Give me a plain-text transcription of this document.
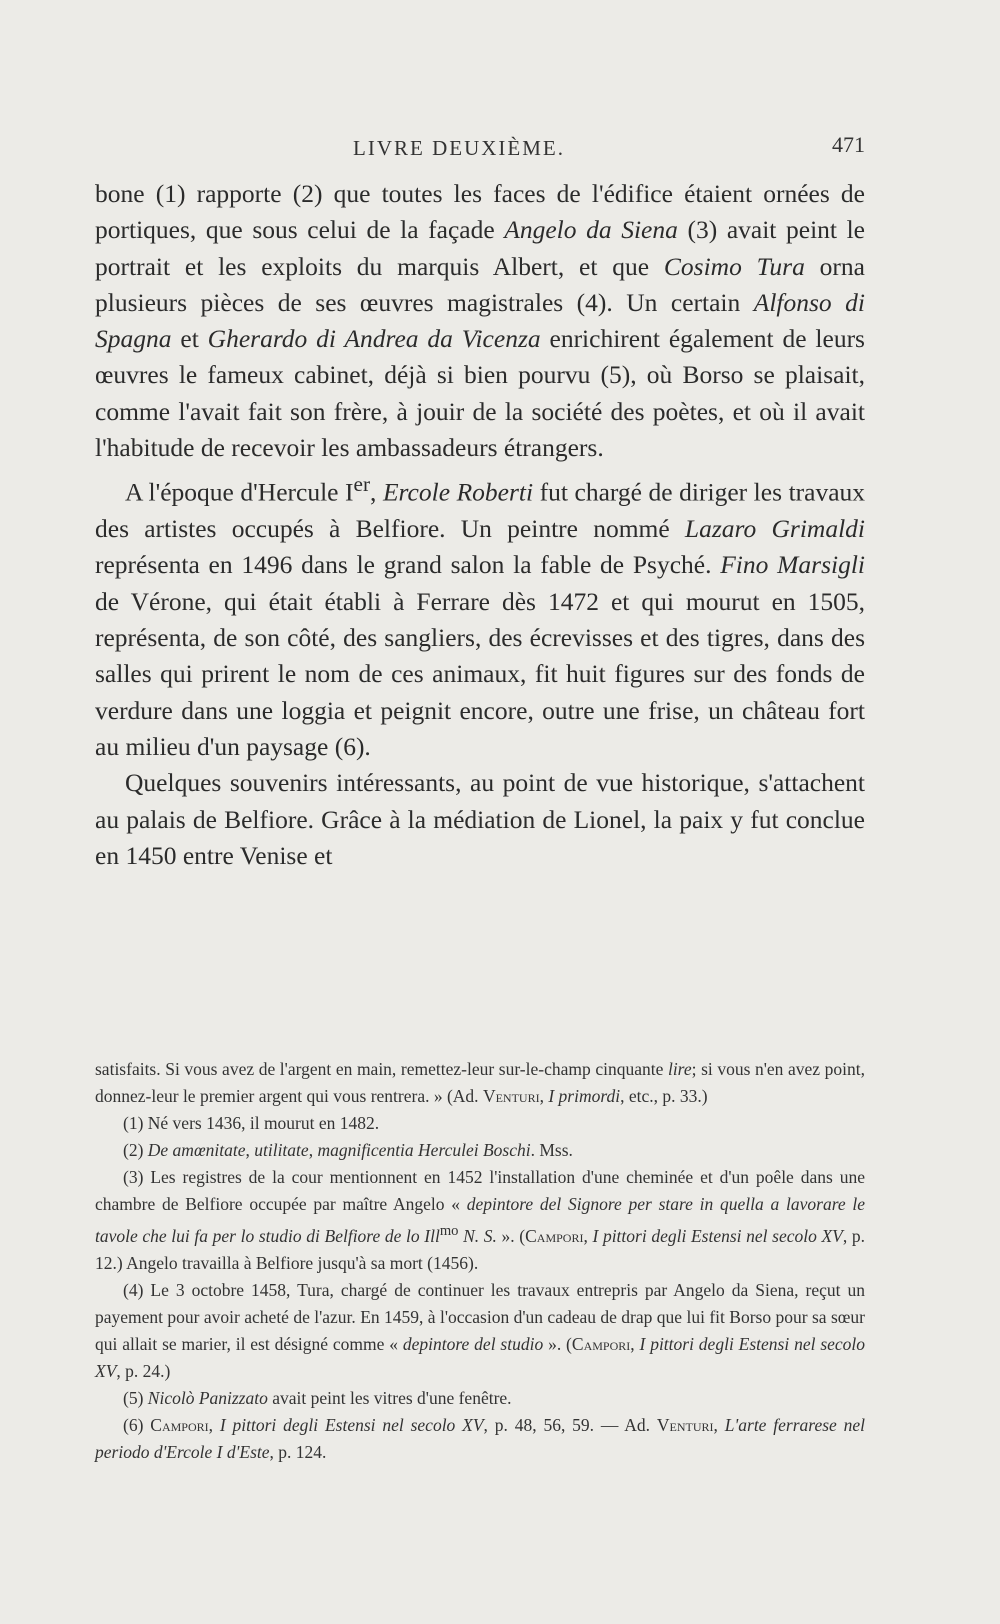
LIVRE DEUXIÈME.	471

bone (1) rapporte (2) que toutes les faces de l'édifice étaient ornées de portiques, que sous celui de la façade Angelo da Siena (3) avait peint le portrait et les exploits du marquis Albert, et que Cosimo Tura orna plusieurs pièces de ses œuvres magistrales (4). Un certain Alfonso di Spagna et Gherardo di Andrea da Vicenza enrichirent également de leurs œuvres le fameux cabinet, déjà si bien pourvu (5), où Borso se plaisait, comme l'avait fait son frère, à jouir de la société des poètes, et où il avait l'habitude de recevoir les ambassadeurs étrangers.

A l'époque d'Hercule Ier, Ercole Roberti fut chargé de diriger les travaux des artistes occupés à Belfiore. Un peintre nommé Lazaro Grimaldi représenta en 1496 dans le grand salon la fable de Psyché. Fino Marsigli de Vérone, qui était établi à Ferrare dès 1472 et qui mourut en 1505, représenta, de son côté, des sangliers, des écrevisses et des tigres, dans des salles qui prirent le nom de ces animaux, fit huit figures sur des fonds de verdure dans une loggia et peignit encore, outre une frise, un château fort au milieu d'un paysage (6).

Quelques souvenirs intéressants, au point de vue historique, s'attachent au palais de Belfiore. Grâce à la médiation de Lionel, la paix y fut conclue en 1450 entre Venise et

satisfaits. Si vous avez de l'argent en main, remettez-leur sur-le-champ cinquante lire; si vous n'en avez point, donnez-leur le premier argent qui vous rentrera. » (Ad. Venturi, I primordi, etc., p. 33.)

(1) Né vers 1436, il mourut en 1482.

(2) De amœnitate, utilitate, magnificentia Herculei Boschi. Mss.

(3) Les registres de la cour mentionnent en 1452 l'installation d'une cheminée et d'un poêle dans une chambre de Belfiore occupée par maître Angelo « depintore del Signore per stare in quella a lavorare le tavole che lui fa per lo studio di Belfiore de lo Ill$^{mo}$ N. S. ». (Campori, I pittori degli Estensi nel secolo XV, p. 12.) Angelo travailla à Belfiore jusqu'à sa mort (1456).

(4) Le 3 octobre 1458, Tura, chargé de continuer les travaux entrepris par Angelo da Siena, reçut un payement pour avoir acheté de l'azur. En 1459, à l'occasion d'un cadeau de drap que lui fit Borso pour sa sœur qui allait se marier, il est désigné comme « depintore del studio ». (Campori, I pittori degli Estensi nel secolo XV, p. 24.)

(5) Nicolò Panizzato avait peint les vitres d'une fenêtre.

(6) Campori, I pittori degli Estensi nel secolo XV, p. 48, 56, 59. — Ad. Venturi, L'arte ferrarese nel periodo d'Ercole I d'Este, p. 124.
